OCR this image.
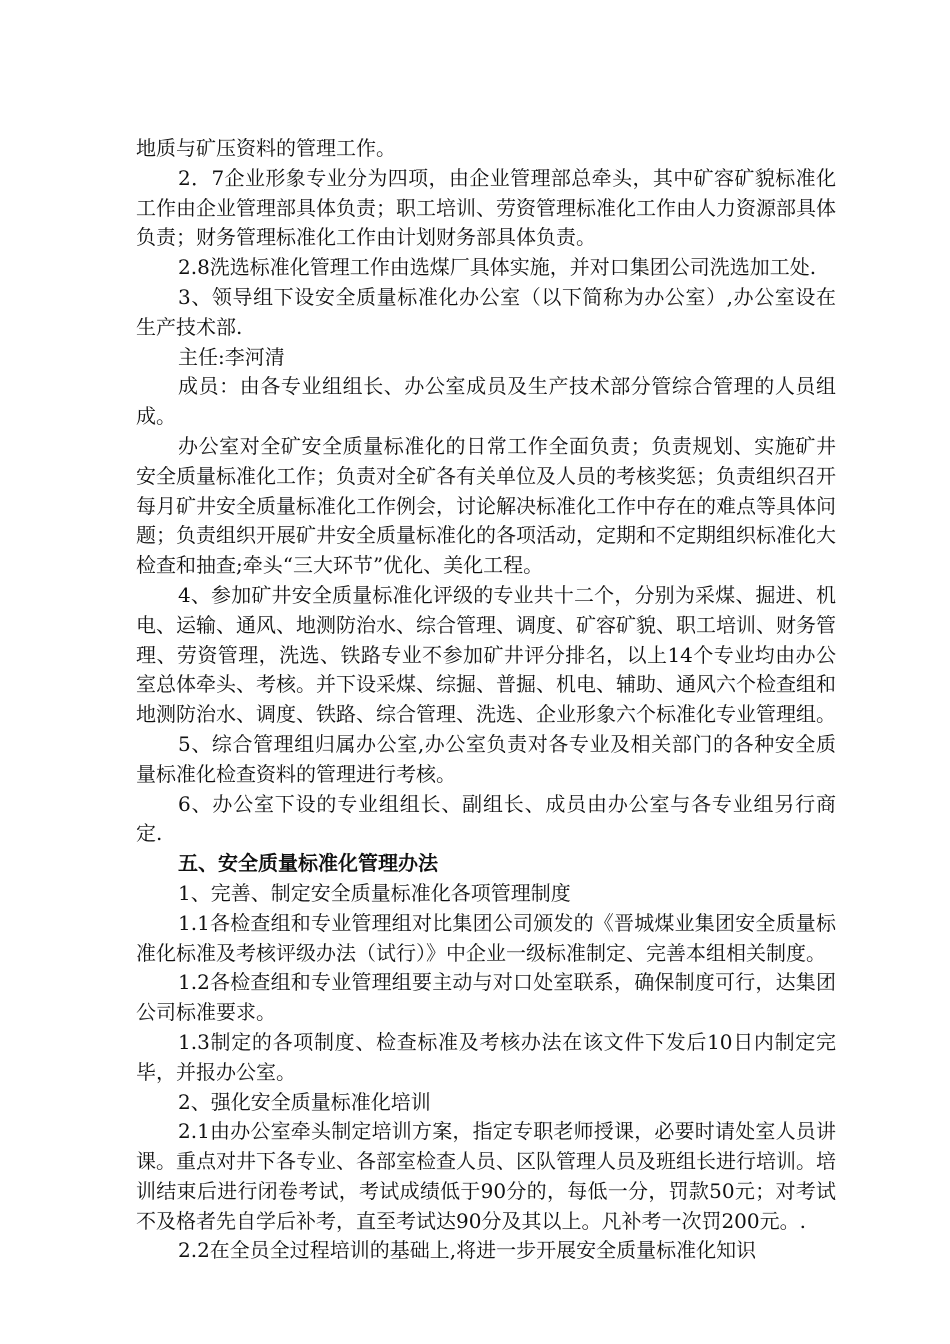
地质与矿压资料的管理工作。

2．7企业形象专业分为四项，由企业管理部总牵头，其中矿容矿貌标准化工作由企业管理部具体负责；职工培训、劳资管理标准化工作由人力资源部具体负责；财务管理标准化工作由计划财务部具体负责。

2.8洗选标准化管理工作由选煤厂具体实施，并对口集团公司洗选加工处.

3、领导组下设安全质量标准化办公室（以下简称为办公室）,办公室设在生产技术部.

主任:李河清

成员：由各专业组组长、办公室成员及生产技术部分管综合管理的人员组成。

办公室对全矿安全质量标准化的日常工作全面负责；负责规划、实施矿井安全质量标准化工作；负责对全矿各有关单位及人员的考核奖惩；负责组织召开每月矿井安全质量标准化工作例会，讨论解决标准化工作中存在的难点等具体问题；负责组织开展矿井安全质量标准化的各项活动，定期和不定期组织标准化大检查和抽查;牵头“三大环节”优化、美化工程。

4、参加矿井安全质量标准化评级的专业共十二个，分别为采煤、掘进、机电、运输、通风、地测防治水、综合管理、调度、矿容矿貌、职工培训、财务管理、劳资管理，洗选、铁路专业不参加矿井评分排名，以上14个专业均由办公室总体牵头、考核。并下设采煤、综掘、普掘、机电、辅助、通风六个检查组和地测防治水、调度、铁路、综合管理、洗选、企业形象六个标准化专业管理组。

5、综合管理组归属办公室,办公室负责对各专业及相关部门的各种安全质量标准化检查资料的管理进行考核。

6、办公室下设的专业组组长、副组长、成员由办公室与各专业组另行商定.

五、安全质量标准化管理办法

1、完善、制定安全质量标准化各项管理制度

1.1各检查组和专业管理组对比集团公司颁发的《晋城煤业集团安全质量标准化标准及考核评级办法（试行）》中企业一级标准制定、完善本组相关制度。

1.2各检查组和专业管理组要主动与对口处室联系，确保制度可行，达集团公司标准要求。

1.3制定的各项制度、检查标准及考核办法在该文件下发后10日内制定完毕，并报办公室。

2、强化安全质量标准化培训

2.1由办公室牵头制定培训方案，指定专职老师授课，必要时请处室人员讲课。重点对井下各专业、各部室检查人员、区队管理人员及班组长进行培训。培训结束后进行闭卷考试，考试成绩低于90分的，每低一分，罚款50元；对考试不及格者先自学后补考，直至考试达90分及其以上。凡补考一次罚200元。.

2.2在全员全过程培训的基础上,将进一步开展安全质量标准化知识
